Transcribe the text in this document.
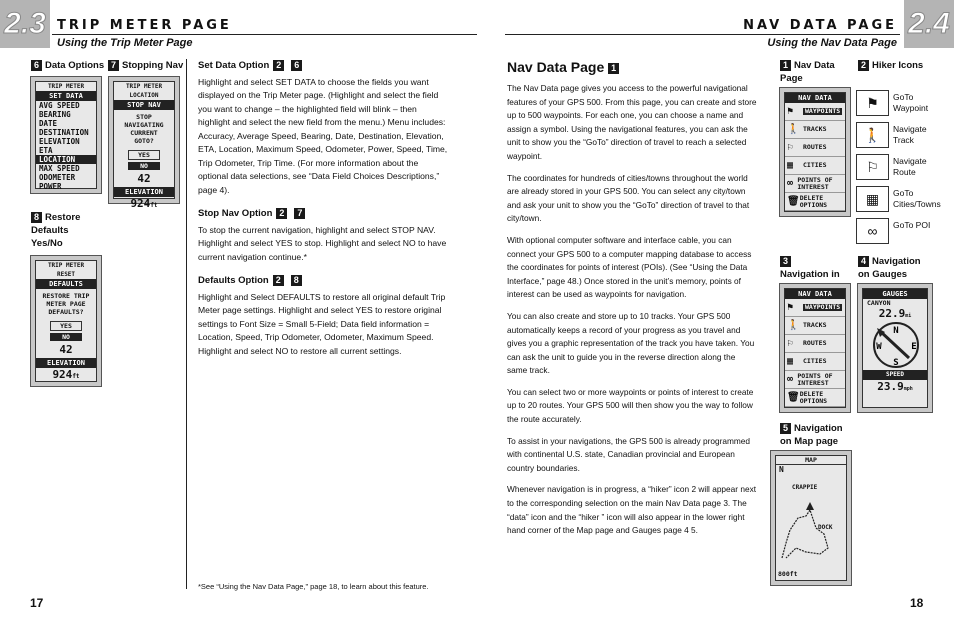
2.3 TRIP METER PAGE
Using the Trip Meter Page
6 Data Options 7 Stopping Nav
TRIP METER
SET DATA
AVG SPEED
BEARING
DATE
DESTINATION
ELEVATION
ETA
LOCATION
MAX SPEED
ODOMETER
POWER
TRIP METER
LOCATION
STOP NAV
STOP NAVIGATING CURRENT GOTO?
YES
NO
42
ELEVATION
924ft
8 Restore Defaults Yes/No
TRIP METER
RESET
DEFAULTS
RESTORE TRIP METER PAGE DEFAULTS?
YES
NO
42
ELEVATION
924ft
Set Data Option 2 6

Highlight and select SET DATA to choose the fields you want displayed on the Trip Meter page. (Highlight and select the field you want to change – the highlighted field will blink – then highlight and select the new field from the menu.) Menu includes: Accuracy, Average Speed, Bearing, Date, Destination, Elevation, ETA, Location, Maximum Speed, Odometer, Power, Speed, Time, Trip Odometer, Trip Time. (For more information about the optional data selections, see “Data Field Choices Descriptions,” page 4).

Stop Nav Option 2 7

To stop the current navigation, highlight and select STOP NAV. Highlight and select YES to stop. Highlight and select NO to have current navigation continue.*

Defaults Option 2 8

Highlight and Select DEFAULTS to restore all original default Trip Meter page settings. Highlight and select YES to restore original settings to Font Size = Small 5-Field; Data field information = Location, Speed, Trip Odometer, Odometer, Maximum Speed. Highlight and select NO to restore all current settings.

*See “Using the Nav Data Page,” page 18, to learn about this feature.
17
2.4
NAV DATA PAGE
Using the Nav Data Page
Nav Data Page 1

The Nav Data page gives you access to the powerful navigational features of your GPS 500. From this page, you can create and store up to 500 waypoints. For each one, you can choose a name and assign a symbol. Using the navigational features, you can ask the unit to show you the “GoTo” direction of travel to reach a selected waypoint.

The coordinates for hundreds of cities/towns throughout the world are already stored in your GPS 500. You can select any city/town and ask your unit to show you the “GoTo” direction of travel to that city/town.

With optional computer software and interface cable, you can connect your GPS 500 to a computer mapping database to access the coordinates for points of interest (POIs). (See “Using the Data Interface,” page 48.) Once stored in the unit’s memory, points of interest can be used as waypoints for navigation.

You can also create and store up to 10 tracks. Your GPS 500 automatically keeps a record of your progress as you travel and gives you a graphic representation of the track you have taken. You can ask the unit to guide you in the reverse direction along the same track.

You can select two or more waypoints or points of interest to create up to 20 routes. Your GPS 500 will then show you the way to follow the route accurately.

To assist in your navigations, the GPS 500 is already programmed with continental U.S. state, Canadian provincial and European country boundaries.

Whenever navigation is in progress, a “hiker” icon 2 will appear next to the corresponding selection on the main Nav Data page 3. The “data” icon and the “hiker ” icon will also appear in the lower right hand corner of the Map page and Gauges page 4 5.

1 Nav Data Page
2 Hiker Icons
NAV DATA
⚑	WAYPOINTS
🚶 TRACKS
⚐	ROUTES
▦	CITIES
∞ POINTS OF INTEREST
🗑 DELETE OPTIONS
⚑	GoTo Waypoint
🚶	Navigate Track
⚐	Navigate Route
▦	GoTo Cities/Towns
∞	GoTo POI
3Navigation in
4 Navigation on Gauges
NAV DATA
⚑	WAYPOINTS
🚶 TRACKS
⚐	ROUTES
▦	CITIES
∞ POINTS OF INTEREST
🗑 DELETE OPTIONS
GAUGES
CANYON
22.9mi
N
W	E
S
SPEED
23.9mph
5 Navigation on Map page
MAP
N
CRAPPIE
DOCK
800ft
18
